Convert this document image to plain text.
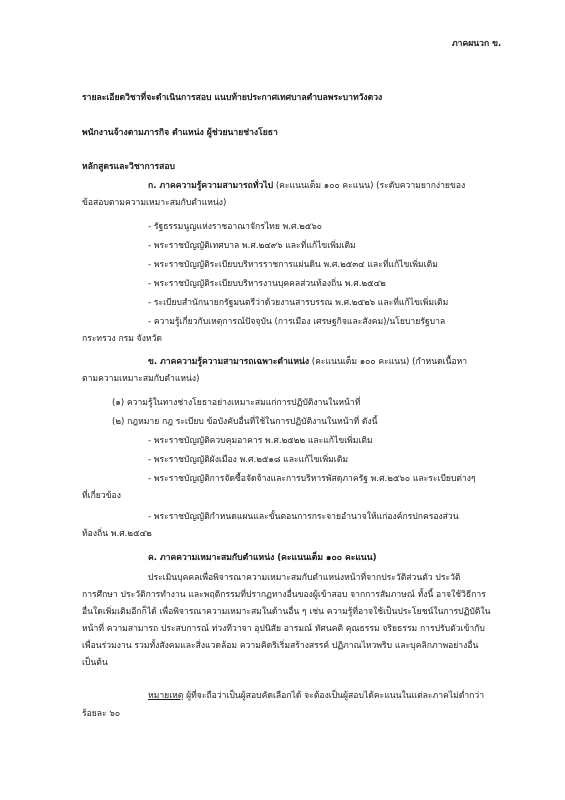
ภาคผนวก ข.
รายละเอียดวิชาที่จะดำเนินการสอบ แนบท้ายประกาศเทศบาลตำบลพระบาทวังตวง
พนักงานจ้างตามภารกิจ ตำแหน่ง ผู้ช่วยนายช่างโยธา
หลักสูตรและวิชาการสอบ
ก. ภาคความรู้ความสามารถทั่วไป (คะแนนเต็ม ๑๐๐ คะแนน) (ระดับความยากง่ายของ
ข้อสอบตามความเหมาะสมกับตำแหน่ง)
- รัฐธรรมนูญแห่งราชอาณาจักรไทย พ.ศ.๒๕๖๐
- พระราชบัญญัติเทศบาล พ.ศ.๒๔๙๖ และที่แก้ไขเพิ่มเติม
- พระราชบัญญัติระเบียบบริหารราชการแผ่นดิน พ.ศ.๒๕๓๔ และที่แก้ไขเพิ่มเติม
- พระราชบัญญัติระเบียบบริหารงานบุคคลส่วนท้องถิ่น พ.ศ.๒๕๔๒
- ระเบียบสำนักนายกรัฐมนตรีว่าด้วยงานสารบรรณ พ.ศ.๒๕๒๖ และที่แก้ไขเพิ่มเติม
- ความรู้เกี่ยวกับเหตุการณ์ปัจจุบัน (การเมือง เศรษฐกิจและสังคม)/นโยบายรัฐบาล
กระทรวง กรม จังหวัด
ข. ภาคความรู้ความสามารถเฉพาะตำแหน่ง (คะแนนเต็ม ๑๐๐ คะแนน) (กำหนดเนื้อหา
ตามความเหมาะสมกับตำแหน่ง)
(๑) ความรู้ในทางช่างโยธาอย่างเหมาะสมแก่การปฏิบัติงานในหน้าที่
(๒) กฎหมาย กฎ ระเบียบ ข้อบังคับอื่นที่ใช้ในการปฏิบัติงานในหน้าที่ ดังนี้
- พระราชบัญญัติควบคุมอาคาร พ.ศ.๒๕๒๒ และแก้ไขเพิ่มเติม
- พระราชบัญญัติผังเมือง พ.ศ.๒๕๑๘ และแก้ไขเพิ่มเติม
- พระราชบัญญัติการจัดซื้อจัดจ้างและการบริหารพัสดุภาครัฐ พ.ศ.๒๕๖๐ และระเบียบต่างๆ
ที่เกี่ยวข้อง
- พระราชบัญญัติกำหนดแผนและขั้นตอนการกระจายอำนาจให้แก่องค์กรปกครองส่วน
ท้องถิ่น พ.ศ.๒๕๔๒
ค. ภาคความเหมาะสมกับตำแหน่ง (คะแนนเต็ม ๑๐๐ คะแนน)
ประเมินบุคคลเพื่อพิจารณาความเหมาะสมกับตำแหน่งหน้าที่จากประวัติส่วนตัว ประวัติ
การศึกษา ประวัติการทำงาน และพฤติกรรมที่ปรากฏทางอื่นของผู้เข้าสอบ จากการสัมภาษณ์ ทั้งนี้ อาจใช้วิธีการ
อื่นใดเพิ่มเติมอีกก็ได้ เพื่อพิจารณาความเหมาะสมในด้านอื่น ๆ เช่น ความรู้ที่อาจใช้เป็นประโยชน์ในการปฏิบัติใน
หน้าที่ ความสามารถ ประสบการณ์ ท่วงทีวาจา อุปนิสัย อารมณ์ ทัศนคติ คุณธรรม จริยธรรม การปรับตัวเข้ากับ
เพื่อนร่วมงาน รวมทั้งสังคมและสิ่งแวดล้อม ความคิดริเริ่มสร้างสรรค์ ปฏิภาณไหวพริบ และบุคลิกภาพอย่างอื่น
เป็นต้น
หมายเหตุ ผู้ที่จะถือว่าเป็นผู้สอบคัดเลือกได้ จะต้องเป็นผู้สอบได้คะแนนในแต่ละภาคไม่ต่ำกว่า
ร้อยละ ๖๐
